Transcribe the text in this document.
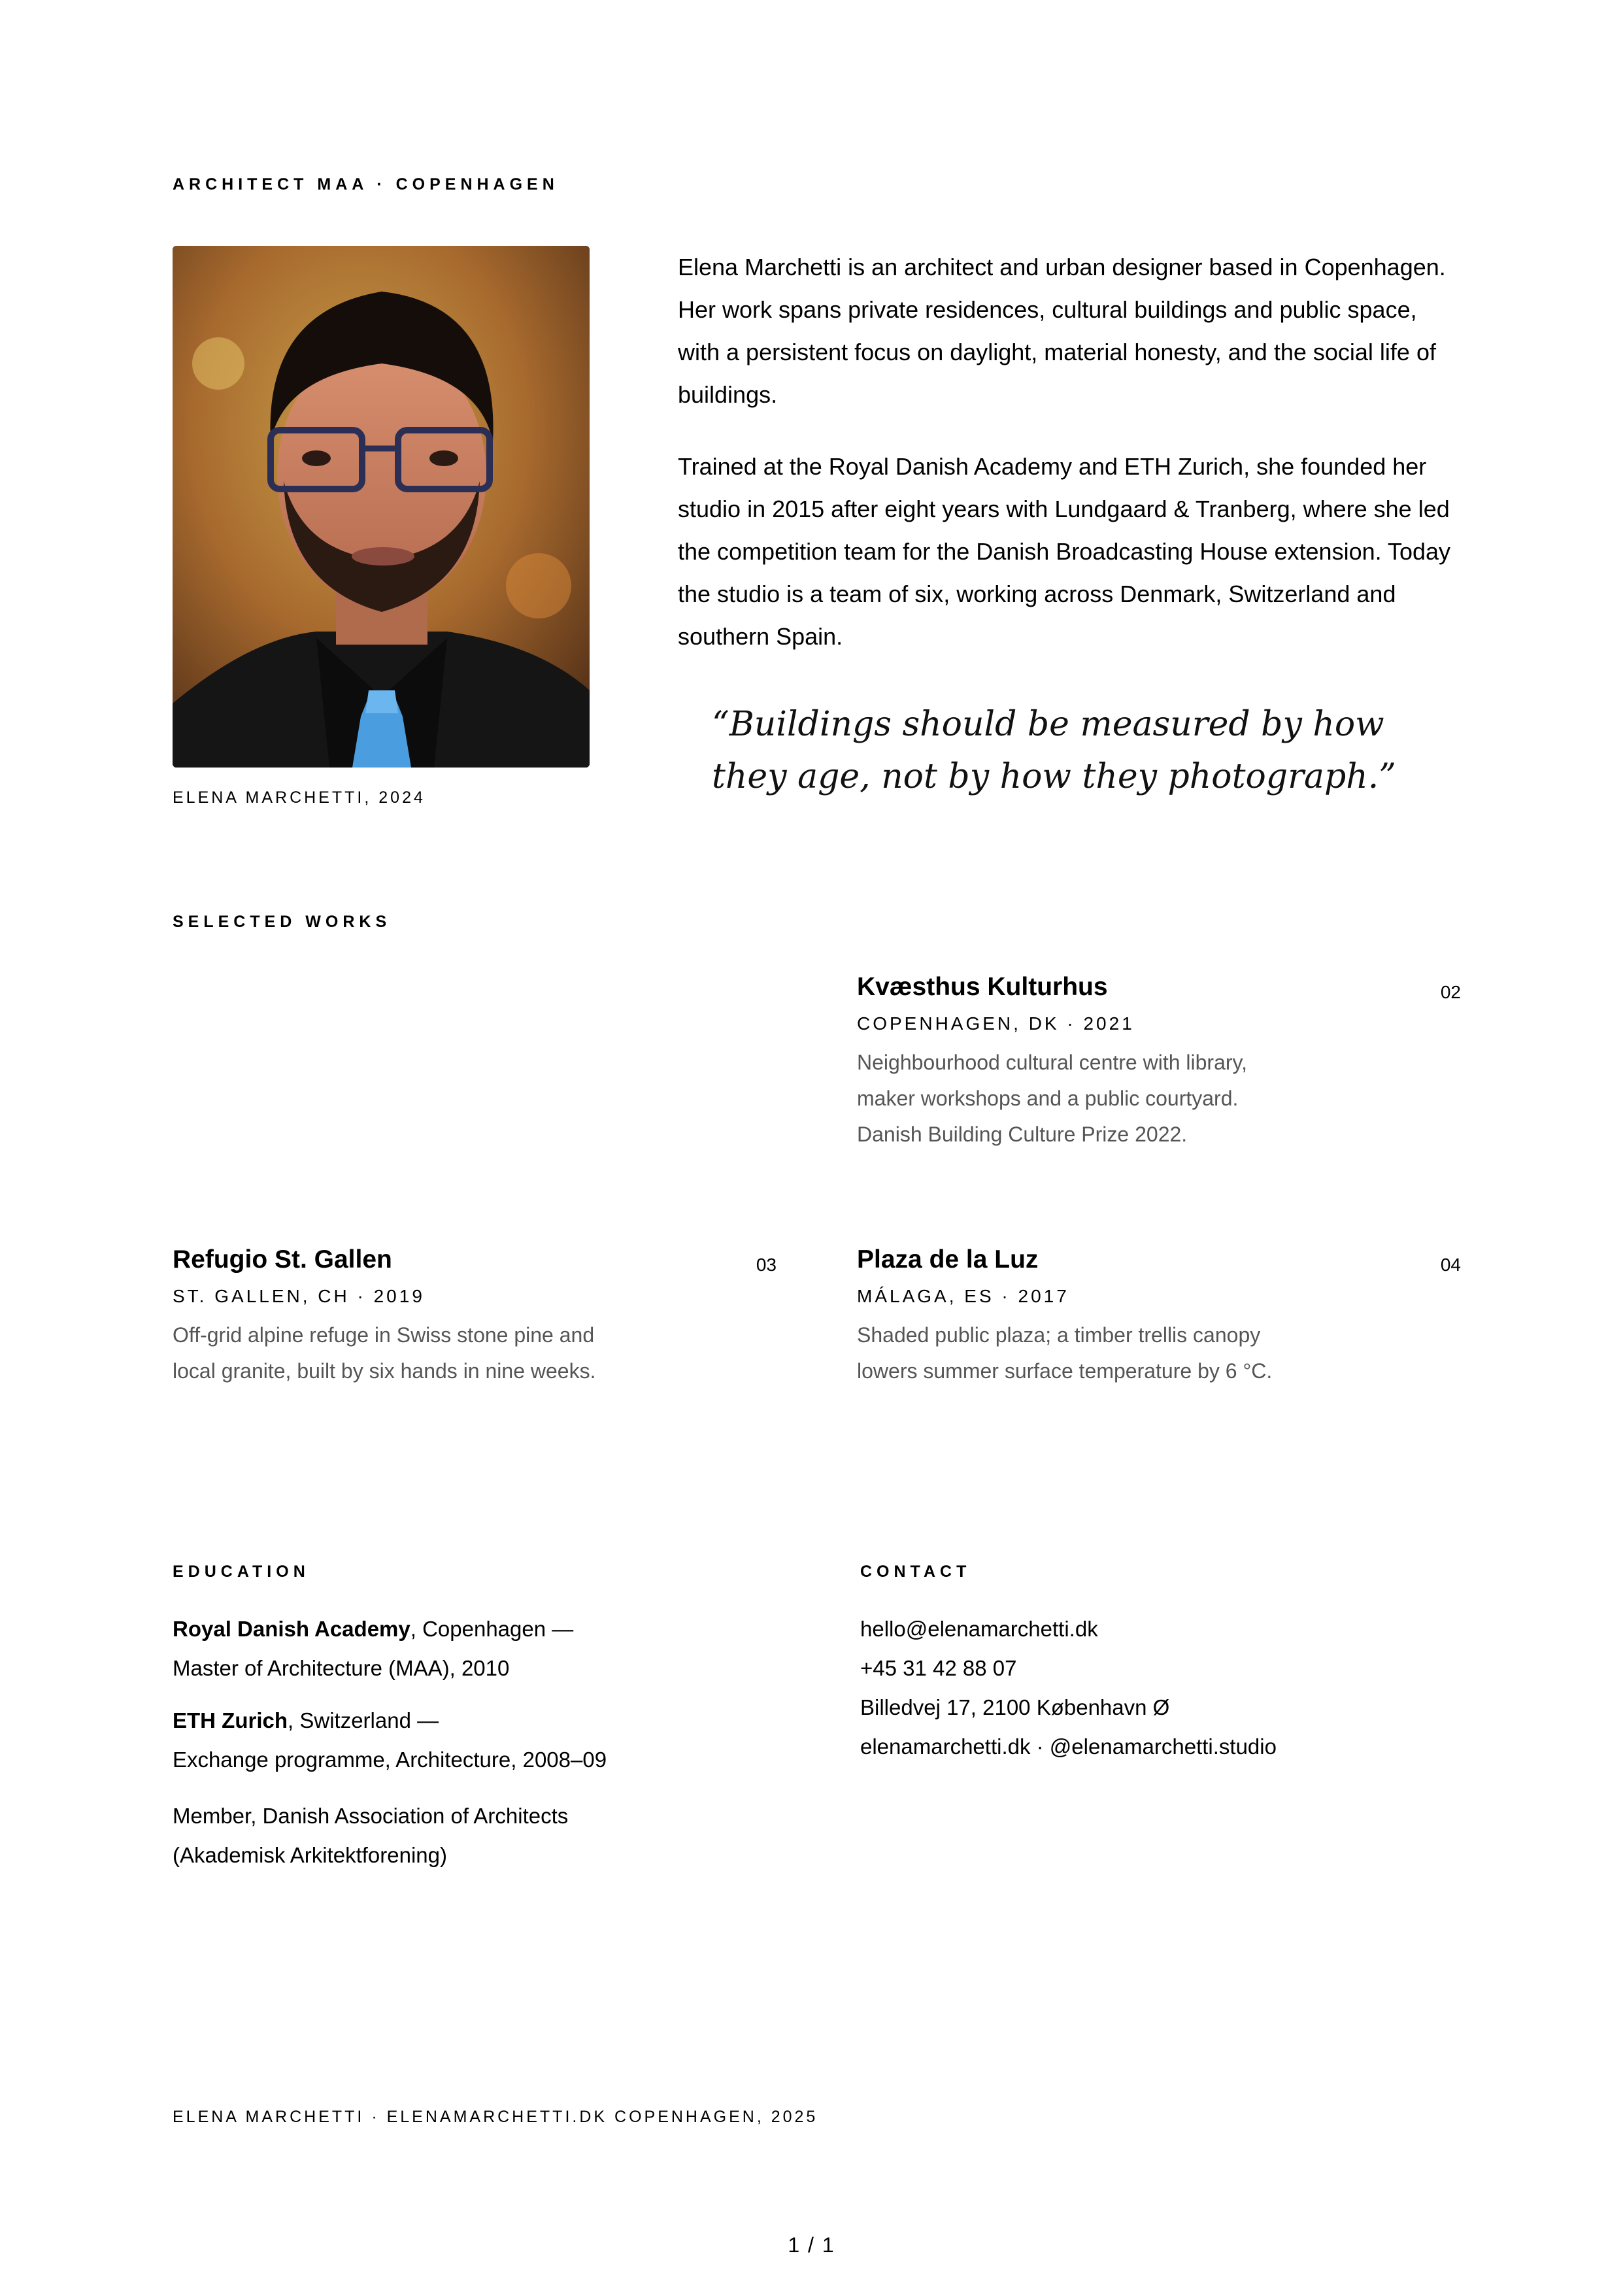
ARCHITECT MAA · COPENHAGEN
ELENA MARCHETTI, 2024

Elena Marchetti is an architect and urban designer based in Copenhagen. Her work spans private residences, cultural buildings and public space, with a persistent focus on daylight, material honesty, and the social life of buildings.

Trained at the Royal Danish Academy and ETH Zurich, she founded her studio in 2015 after eight years with Lundgaard & Tranberg, where she led the competition team for the Danish Broadcasting House extension. Today the studio is a team of six, working across Denmark, Switzerland and southern Spain.

“Buildings should be measured by how they age, not by how they photograph.”
SELECTED WORKS
Kvæsthus Kulturhus	02
COPENHAGEN, DK · 2021
Neighbourhood cultural centre with library, maker workshops and a public courtyard. Danish Building Culture Prize 2022.
Refugio St. Gallen	03
ST. GALLEN, CH · 2019
Off-grid alpine refuge in Swiss stone pine and local granite, built by six hands in nine weeks.
Plaza de la Luz	04
MÁLAGA, ES · 2017
Shaded public plaza; a timber trellis canopy lowers summer surface temperature by 6 °C.
EDUCATION
Royal Danish Academy, Copenhagen —
Master of Architecture (MAA), 2010
ETH Zurich, Switzerland —
Exchange programme, Architecture, 2008–09
Member, Danish Association of Architects
(Akademisk Arkitektforening)
CONTACT
hello@elenamarchetti.dk
+45 31 42 88 07
Billedvej 17, 2100 København Ø
elenamarchetti.dk · @elenamarchetti.studio
ELENA MARCHETTI · ELENAMARCHETTI.DK COPENHAGEN, 2025
1 / 1
